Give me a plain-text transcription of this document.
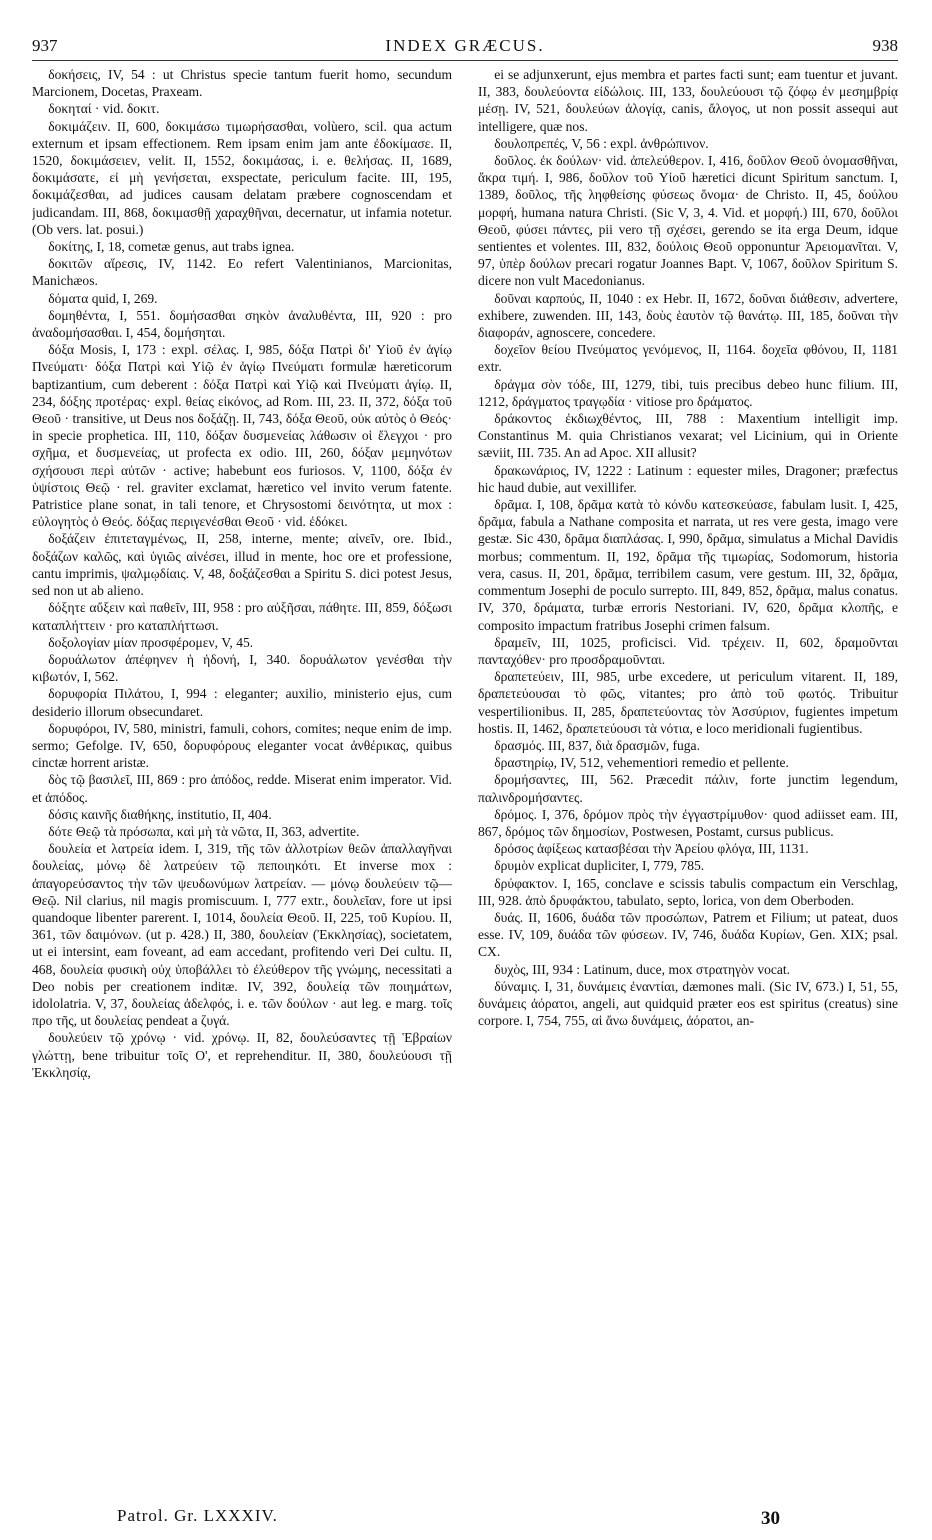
937	INDEX GRÆCUS.	938

δοκήσεις, IV, 54 : ut Christus specie tantum fuerit homo, secundum Marcionem, Docetas, Praxeam.

δοκηταί · vid. δοκιτ.

δοκιμάζειν. II, 600, δοκιμάσω τιμωρήσασθαι, volùero, scil. qua actum externum et ipsam effectionem. Rem ipsam enim jam ante ἐδοκίμασε. II, 1520, δοκιμάσειεν, velit. II, 1552, δοκιμάσας, i. e. θελήσας. II, 1689, δοκιμάσατε, εἰ μὴ γενήσεται, exspectate, periculum facite. III, 195, δοκιμάζεσθαι, ad judices causam delatam præbere cognoscendam et judicandam. III, 868, δοκιμασθῇ χαραχθῆναι, decernatur, ut infamia notetur. (Ob vers. lat. posui.)

δοκίτης, I, 18, cometæ genus, aut trabs ignea.

δοκιτῶν αἵρεσις, IV, 1142. Eo refert Valentinianos, Marcionitas, Manichæos.

δόματα quid, I, 269.

δομηθέντα, I, 551. δομήσασθαι σηκὸν ἀναλυθέντα, III, 920 : pro ἀναδομήσασθαι. I, 454, δομήσηται.

δόξα Mosis, I, 173 : expl. σέλας. I, 985, δόξα Πατρὶ δι' Υἱοῦ ἐν ἁγίῳ Πνεύματι· δόξα Πατρὶ καὶ Υἱῷ ἐν ἁγίῳ Πνεύματι formulæ hæreticorum baptizantium, cum deberent : δόξα Πατρὶ καὶ Υἱῷ καὶ Πνεύματι ἁγίῳ. II, 234, δόξης προτέρας· expl. θείας εἰκόνος, ad Rom. III, 23. II, 372, δόξα τοῦ Θεοῦ · transitive, ut Deus nos δοξάζῃ. II, 743, δόξα Θεοῦ, οὐκ αὐτὸς ὁ Θεός· in specie prophetica. III, 110, δόξαν δυσμενείας λάθωσιν οἱ ἔλεγχοι · pro σχῆμα, et δυσμενείας, ut profecta ex odio. III, 260, δόξαν μεμηνότων σχήσουσι περὶ αὐτῶν · active; habebunt eos furiosos. V, 1100, δόξα ἐν ὑψίστοις Θεῷ · rel. graviter exclamat, hæretico vel invito verum fatente. Patristice plane sonat, in tali tenore, et Chrysostomi δεινότητα, ut mox : εὐλογητὸς ὁ Θεός. δόξας περιγενέσθαι Θεοῦ · vid. ἐδόκει.

δοξάζειν ἐπιτεταγμένως, II, 258, interne, mente; αἰνεῖν, ore. Ibid., δοξάζων καλῶς, καὶ ὑγιῶς αἰνέσει, illud in mente, hoc ore et professione, cantu imprimis, ψαλμῳδίαις. V, 48, δοξάζεσθαι a Spiritu S. dici potest Jesus, sed non ut ab alieno.

δόξητε αὔξειν καὶ παθεῖν, III, 958 : pro αὐξῆσαι, πάθητε. III, 859, δόξωσι καταπλήττειν · pro καταπλήττωσι.

δοξολογίαν μίαν προσφέρομεν, V, 45.

δορυάλωτον ἀπέφηνεν ἡ ἡδονή, I, 340. δορυάλωτον γενέσθαι τὴν κιβωτόν, I, 562.

δορυφορία Πιλάτου, I, 994 : eleganter; auxilio, ministerio ejus, cum desiderio illorum obsecundaret.

δορυφόροι, IV, 580, ministri, famuli, cohors, comites; neque enim de imp. sermo; Gefolge. IV, 650, δορυφόρους eleganter vocat ἀνθέρικας, quibus cinctæ horrent aristæ.

δὸς τῷ βασιλεῖ, III, 869 : pro ἀπόδος, redde. Miserat enim imperator. Vid. et ἀπόδος.

δόσις καινῆς διαθήκης, institutio, II, 404.

δότε Θεῷ τὰ πρόσωπα, καὶ μὴ τὰ νῶτα, II, 363, advertite.

δουλεία et λατρεία idem. I, 319, τῆς τῶν ἀλλοτρίων θεῶν ἀπαλλαγῆναι δουλείας, μόνῳ δὲ λατρεύειν τῷ πεποιηκότι. Et inverse mox : ἀπαγορεύσαντος τὴν τῶν ψευδωνύμων λατρείαν. — μόνῳ δουλεύειν τῷ—Θεῷ. Nil clarius, nil magis promiscuum. I, 777 extr., δουλεῖαν, fore ut ipsi quandoque libenter parerent. I, 1014, δουλεία Θεοῦ. II, 225, τοῦ Κυρίου. II, 361, τῶν δαιμόνων. (ut p. 428.) II, 380, δουλείαν (Ἐκκλησίας), societatem, ut ei intersint, eam foveant, ad eam accedant, profitendo veri Dei cultu. II, 468, δουλεία φυσικὴ οὐχ ὑποβάλλει τὸ ἐλεύθερον τῆς γνώμης, necessitati a Deo nobis per creationem inditæ. IV, 392, δουλείᾳ τῶν ποιημάτων, idololatria. V, 37, δουλείας ἀδελφός, i. e. τῶν δούλων · aut leg. e marg. τοῖς προ τῆς, ut δουλείας pendeat a ζυγά.

δουλεύειν τῷ χρόνῳ · vid. χρόνῳ. II, 82, δουλεύσαντες τῇ Ἑβραίων γλώττῃ, bene tribuitur τοῖς Ο', et reprehenditur. II, 380, δουλεύουσι τῇ Ἐκκλησίᾳ,

ei se adjunxerunt, ejus membra et partes facti sunt; eam tuentur et juvant. II, 383, δουλεύοντα εἰδώλοις. III, 133, δουλεύουσι τῷ ζόφῳ ἐν μεσημβρίᾳ μέσῃ. IV, 521, δουλεύων ἀλογίᾳ, canis, ἄλογος, ut non possit assequi aut intelligere, quæ nos.

δουλοπρεπές, V, 56 : expl. ἀνθρώπινον.

δοῦλος. ἐκ δούλων· vid. ἀπελεύθερον. I, 416, δοῦλον Θεοῦ ὀνομασθῆναι, ἄκρα τιμή. I, 986, δοῦλον τοῦ Υἱοῦ hæretici dicunt Spiritum sanctum. I, 1389, δοῦλος, τῆς ληφθείσης φύσεως ὄνομα· de Christo. II, 45, δούλου μορφή, humana natura Christi. (Sic V, 3, 4. Vid. et μορφή.) III, 670, δοῦλοι Θεοῦ, φύσει πάντες, pii vero τῇ σχέσει, gerendo se ita erga Deum, idque sentientes et volentes. III, 832, δούλοις Θεοῦ opponuntur Ἀρειομανῖται. V, 97, ὑπὲρ δούλων precari rogatur Joannes Bapt. V, 1067, δοῦλον Spiritum S. dicere non vult Macedonianus.

δοῦναι καρπούς, II, 1040 : ex Hebr. II, 1672, δοῦναι διάθεσιν, advertere, exhibere, zuwenden. III, 143, δοὺς ἑαυτὸν τῷ θανάτῳ. III, 185, δοῦναι τὴν διαφοράν, agnoscere, concedere.

δοχεῖον θείου Πνεύματος γενόμενος, II, 1164. δοχεῖα φθόνου, II, 1181 extr.

δράγμα σὸν τόδε, III, 1279, tibi, tuis precibus debeo hunc filium. III, 1212, δράγματος τραγῳδία · vitiose pro δράματος.

δράκοντος ἐκδιωχθέντος, III, 788 : Maxentium intelligit imp. Constantinus M. quia Christianos vexarat; vel Licinium, qui in Oriente sæviit, III. 735. An ad Apoc. XII allusit?

δρακωνάριος, IV, 1222 : Latinum : equester miles, Dragoner; præfectus hic haud dubie, aut vexillifer.

δρᾶμα. I, 108, δρᾶμα κατὰ τὸ κόνδυ κατεσκεύασε, fabulam lusit. I, 425, δρᾶμα, fabula a Nathane composita et narrata, ut res vere gesta, imago vere gestæ. Sic 430, δρᾶμα διαπλάσας. I, 990, δρᾶμα, simulatus a Michal Davidis morbus; commentum. II, 192, δρᾶμα τῆς τιμωρίας, Sodomorum, historia vera, casus. II, 201, δρᾶμα, terribilem casum, vere gestum. III, 32, δρᾶμα, commentum Josephi de poculo surrepto. III, 849, 852, δρᾶμα, malus conatus. IV, 370, δράματα, turbæ erroris Nestoriani. IV, 620, δρᾶμα κλοπῆς, e composito impactum fratribus Josephi crimen falsum.

δραμεῖν, III, 1025, proficisci. Vid. τρέχειν. II, 602, δραμοῦνται πανταχόθεν· pro προσδραμοῦνται.

δραπετεύειν, III, 985, urbe excedere, ut periculum vitarent. II, 189, δραπετεύουσαι τὸ φῶς, vitantes; pro ἀπὸ τοῦ φωτός. Tribuitur vespertilionibus. II, 285, δραπετεύοντας τὸν Ἀσσύριον, fugientes impetum hostis. II, 1462, δραπετεύουσι τὰ νότια, e loco meridionali fugientibus.

δρασμός. III, 837, διὰ δρασμῶν, fuga.

δραστηρίῳ, IV, 512, vehementiori remedio et pellente.

δρομήσαντες, III, 562. Præcedit πάλιν, forte junctim legendum, παλινδρομήσαντες.

δρόμος. I, 376, δρόμον πρὸς τὴν ἐγγαστρίμυθον· quod adiisset eam. III, 867, δρόμος τῶν δημοσίων, Postwesen, Postamt, cursus publicus.

δρόσος ἀφίξεως κατασβέσαι τὴν Ἀρείου φλόγα, III, 1131.

δρυμὸν explicat dupliciter, I, 779, 785.

δρύφακτον. I, 165, conclave e scissis tabulis compactum ein Verschlag, III, 928. ἀπὸ δρυφάκτου, tabulato, septo, lorica, von dem Oberboden.

δυάς. II, 1606, δυάδα τῶν προσώπων, Patrem et Filium; ut pateat, duos esse. IV, 109, δυάδα τῶν φύσεων. IV, 746, δυάδα Κυρίων, Gen. XIX; psal. CX.

δυχὸς, III, 934 : Latinum, duce, mox στρατηγὸν vocat.

δύναμις. I, 31, δυνάμεις ἐναντίαι, dæmones mali. (Sic IV, 673.) I, 51, 55, δυνάμεις ἀόρατοι, angeli, aut quidquid præter eos est spiritus (creatus) sine corpore. I, 754, 755, αἱ ἄνω δυνάμεις, ἀόρατοι, an-

Patrol. Gr. LXXXIV.	30
